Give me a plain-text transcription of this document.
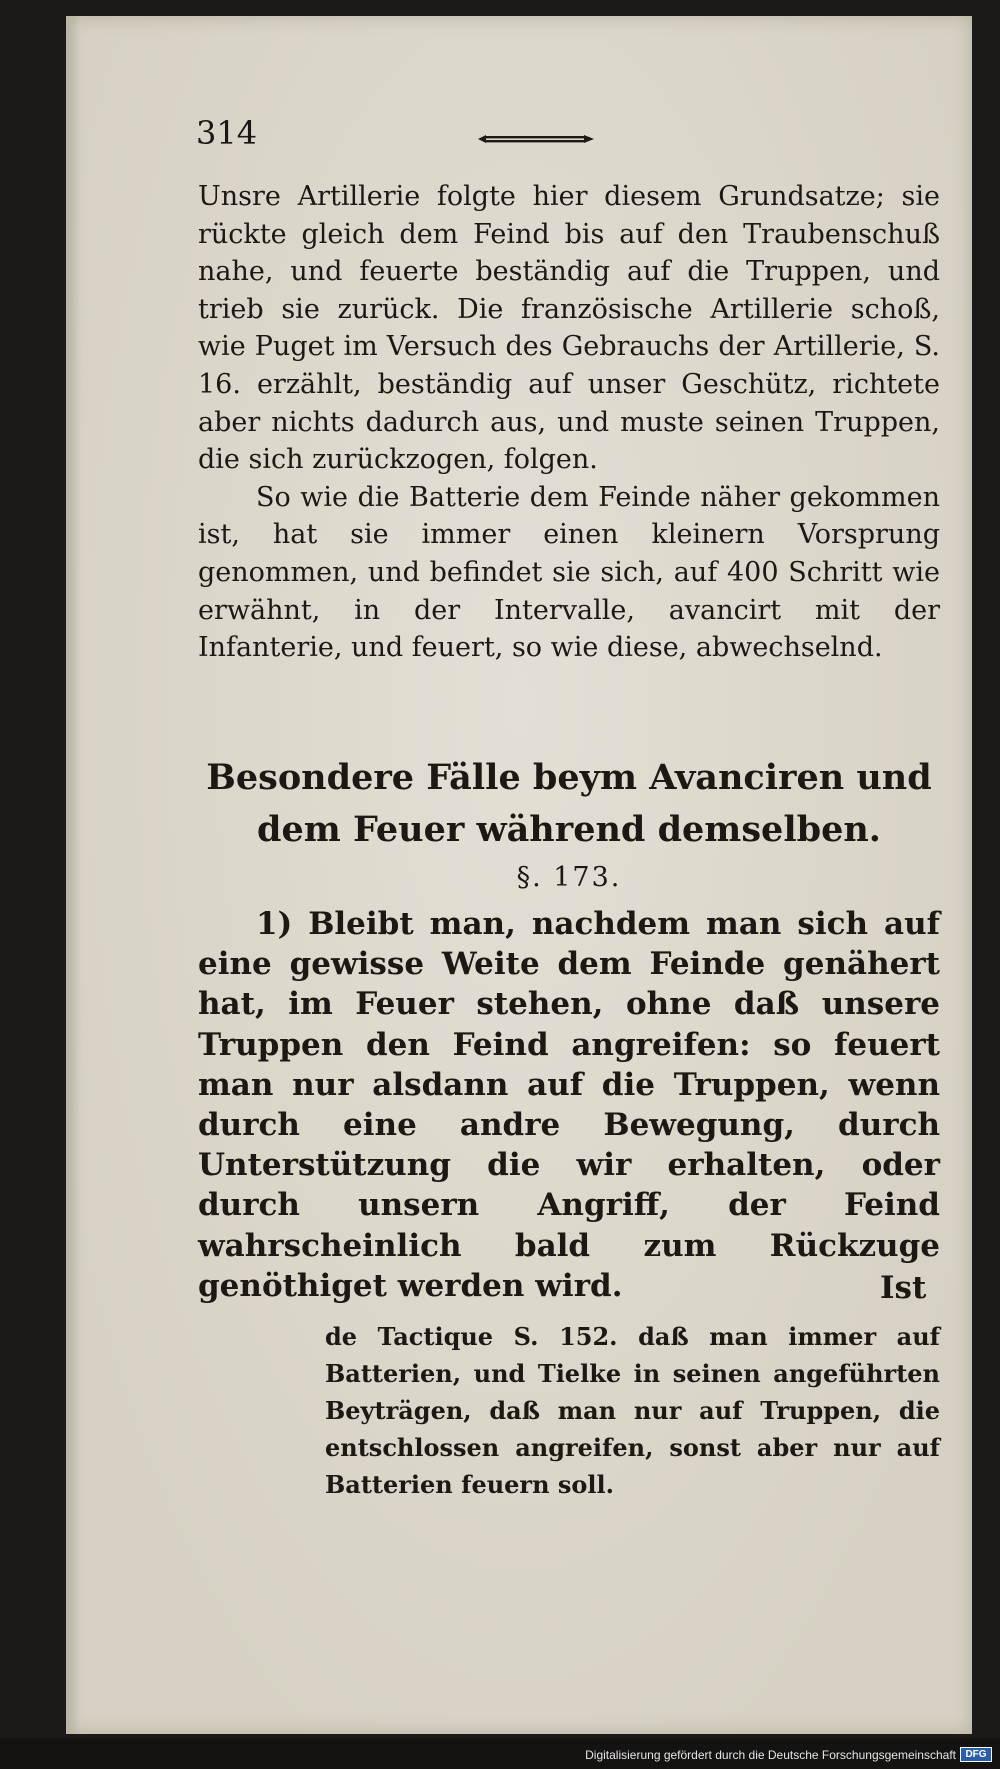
314

Unsre Artillerie folgte hier diesem Grundsatze; sie rückte gleich dem Feind bis auf den Traubenschuß nahe, und feuerte beständig auf die Truppen, und trieb sie zurück. Die französische Artillerie schoß, wie Puget im Versuch des Gebrauchs der Artillerie, S. 16. erzählt, beständig auf unser Geschütz, richtete aber nichts dadurch aus, und muste seinen Truppen, die sich zurückzogen, folgen.

So wie die Batterie dem Feinde näher gekommen ist, hat sie immer einen kleinern Vorsprung genommen, und befindet sie sich, auf 400 Schritt wie erwähnt, in der Intervalle, avancirt mit der Infanterie, und feuert, so wie diese, abwechselnd.

Besondere Fälle beym Avanciren und dem Feuer während demselben.
§. 173.

1) Bleibt man, nachdem man sich auf eine gewisse Weite dem Feinde genähert hat, im Feuer stehen, ohne daß unsere Truppen den Feind angreifen: so feuert man nur alsdann auf die Truppen, wenn durch eine andre Bewegung, durch Unterstützung die wir erhalten, oder durch unsern Angriff, der Feind wahrscheinlich bald zum Rückzuge genöthiget werden wird.	Ist
de Tactique S. 152. daß man immer auf Batterien, und Tielke in seinen angeführten Beyträgen, daß man nur auf Truppen, die entschlossen angreifen, sonst aber nur auf Batterien feuern soll.
Digitalisierung gefördert durch die Deutsche Forschungsgemeinschaft DFG
